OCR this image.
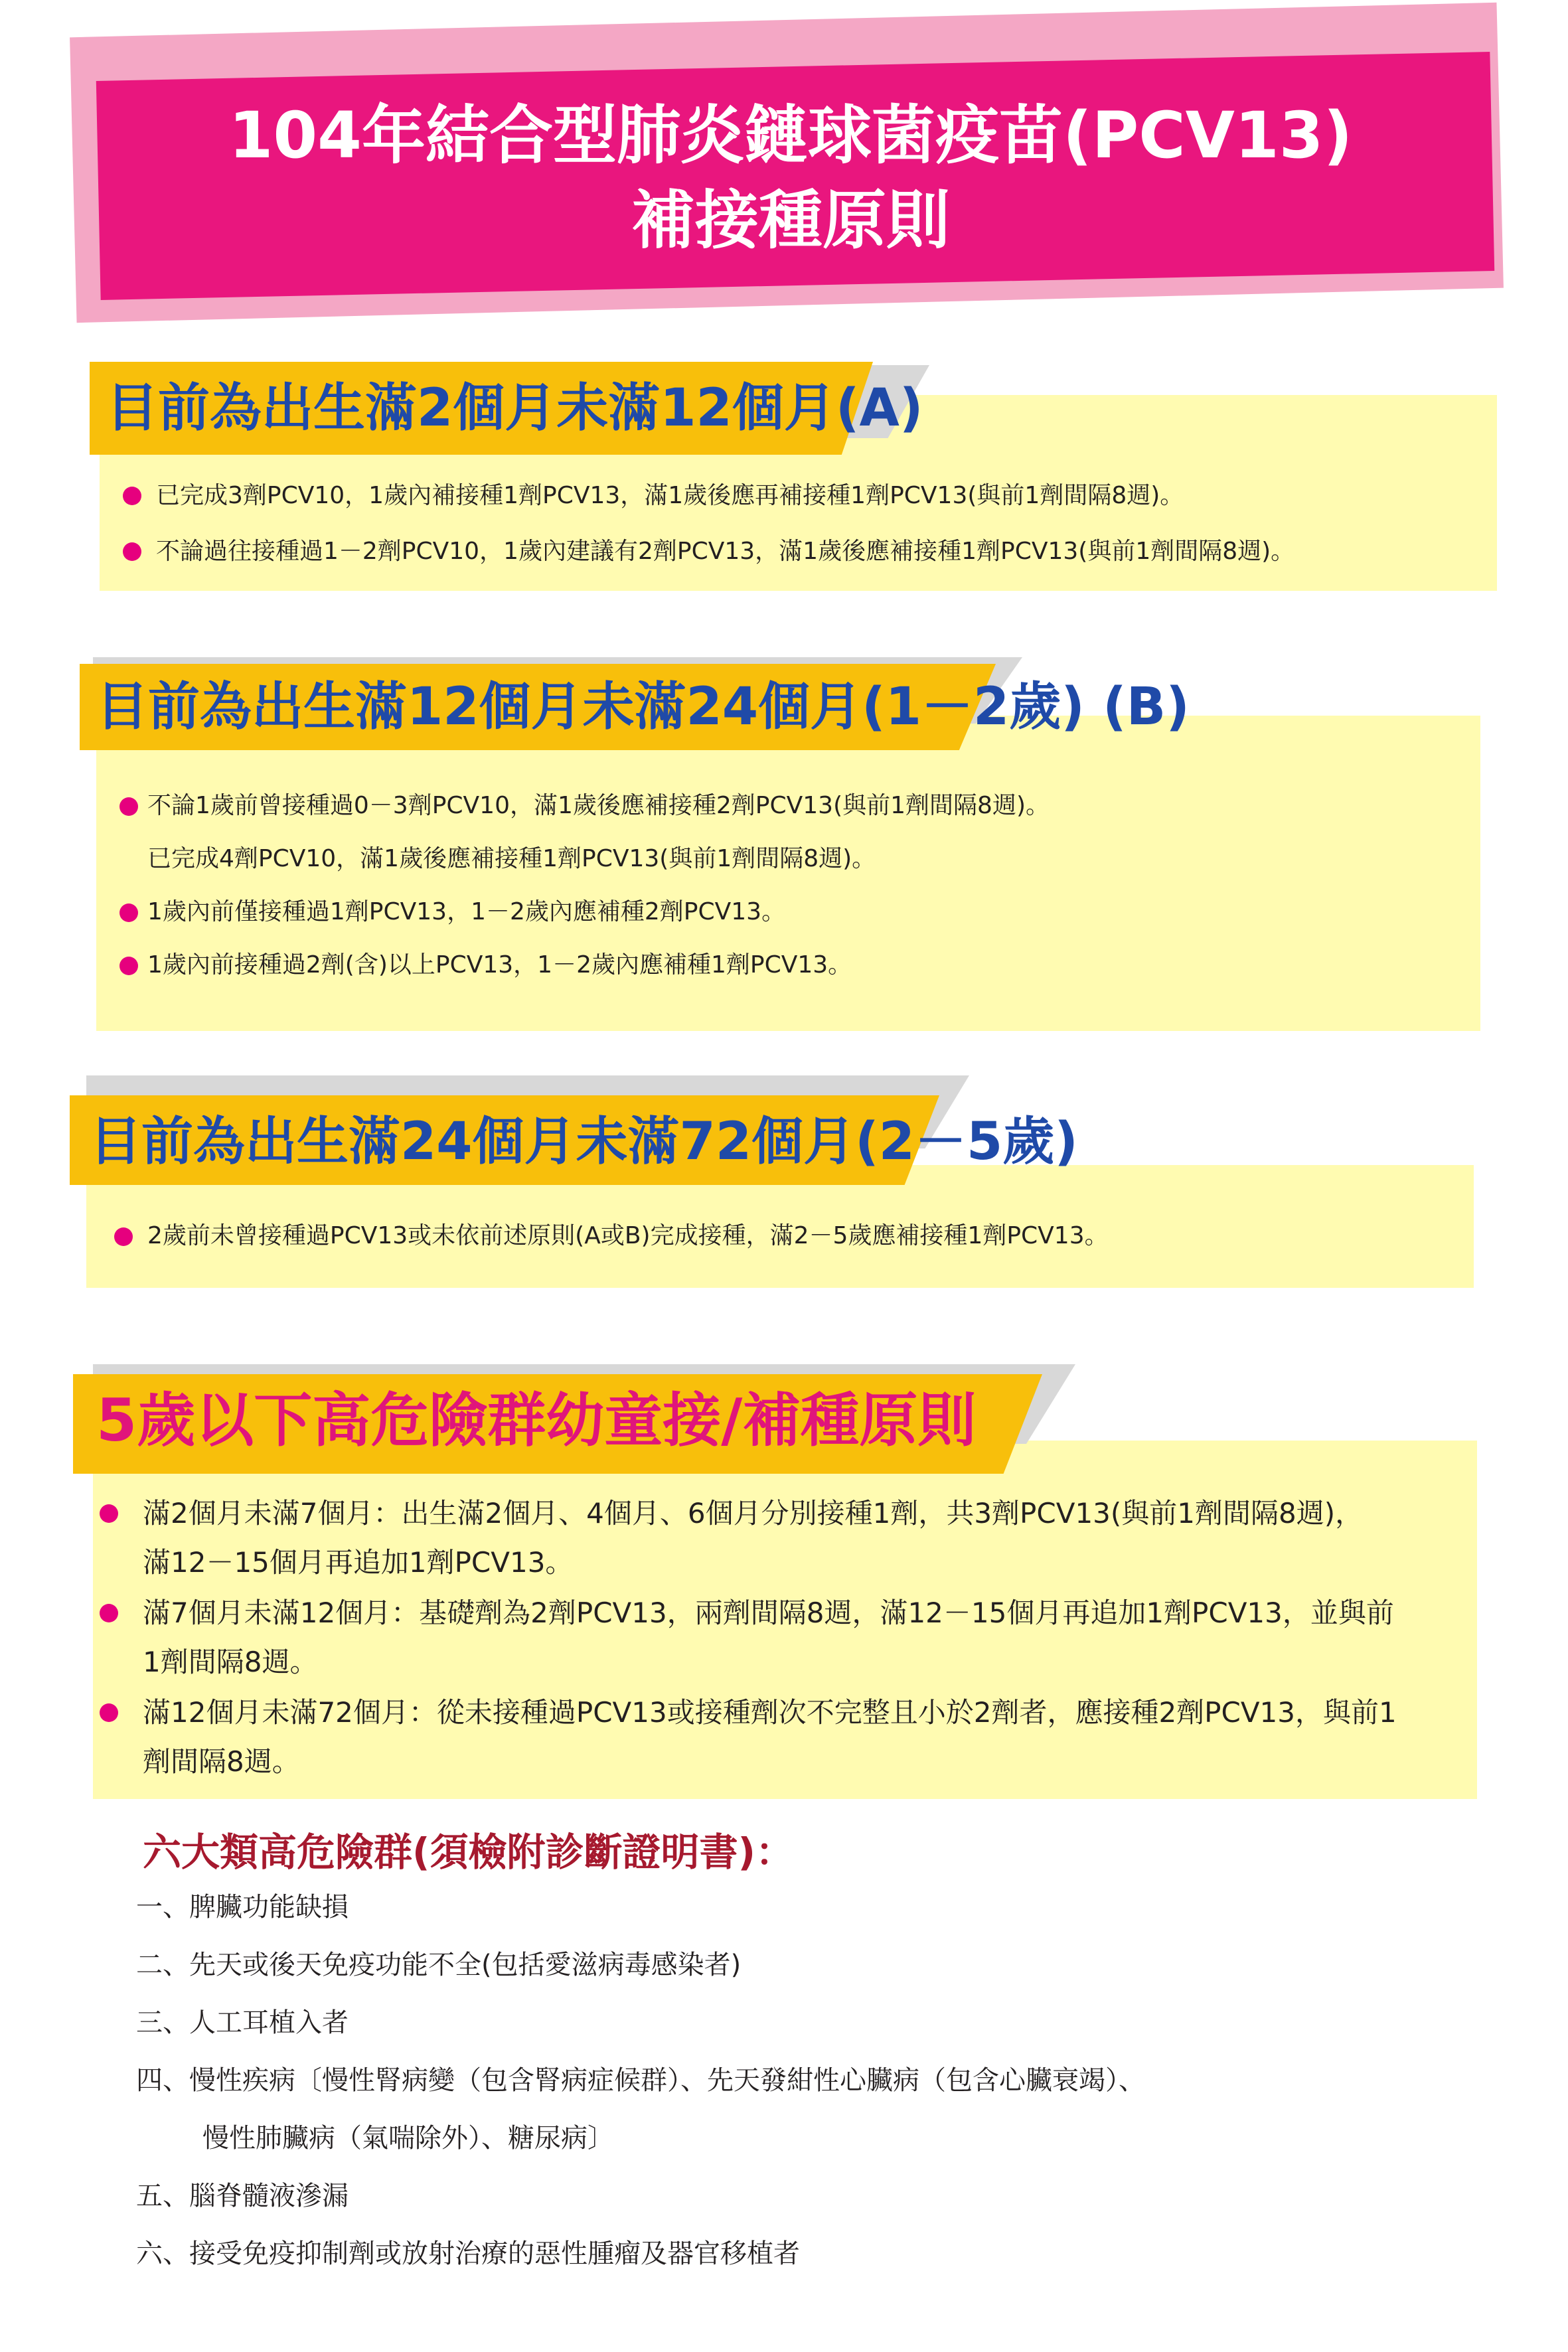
104年結合型肺炎鏈球菌疫苗(PCV13)
補接種原則
目前為出生滿2個月未滿12個月(A)
已完成3劑PCV10，1歲內補接種1劑PCV13，滿1歲後應再補接種1劑PCV13(與前1劑間隔8週)。
不論過往接種過1－2劑PCV10，1歲內建議有2劑PCV13，滿1歲後應補接種1劑PCV13(與前1劑間隔8週)。
目前為出生滿12個月未滿24個月(1－2歲) (B)
不論1歲前曾接種過0－3劑PCV10，滿1歲後應補接種2劑PCV13(與前1劑間隔8週)。
已完成4劑PCV10，滿1歲後應補接種1劑PCV13(與前1劑間隔8週)。
1歲內前僅接種過1劑PCV13，1－2歲內應補種2劑PCV13。
1歲內前接種過2劑(含)以上PCV13，1－2歲內應補種1劑PCV13。
目前為出生滿24個月未滿72個月(2－5歲)
2歲前未曾接種過PCV13或未依前述原則(A或B)完成接種，滿2－5歲應補接種1劑PCV13。
5歲以下高危險群幼童接/補種原則
滿2個月未滿7個月：出生滿2個月、4個月、6個月分別接種1劑，共3劑PCV13(與前1劑間隔8週)，
滿12－15個月再追加1劑PCV13。
滿7個月未滿12個月：基礎劑為2劑PCV13，兩劑間隔8週，滿12－15個月再追加1劑PCV13，並與前
1劑間隔8週。
滿12個月未滿72個月：從未接種過PCV13或接種劑次不完整且小於2劑者，應接種2劑PCV13，與前1
劑間隔8週。
六大類高危險群(須檢附診斷證明書)：
一、脾臟功能缺損
二、先天或後天免疫功能不全(包括愛滋病毒感染者)
三、人工耳植入者
四、慢性疾病〔慢性腎病變（包含腎病症候群）、先天發紺性心臟病（包含心臟衰竭）、
慢性肺臟病（氣喘除外）、糖尿病〕
五、腦脊髓液滲漏
六、接受免疫抑制劑或放射治療的惡性腫瘤及器官移植者
